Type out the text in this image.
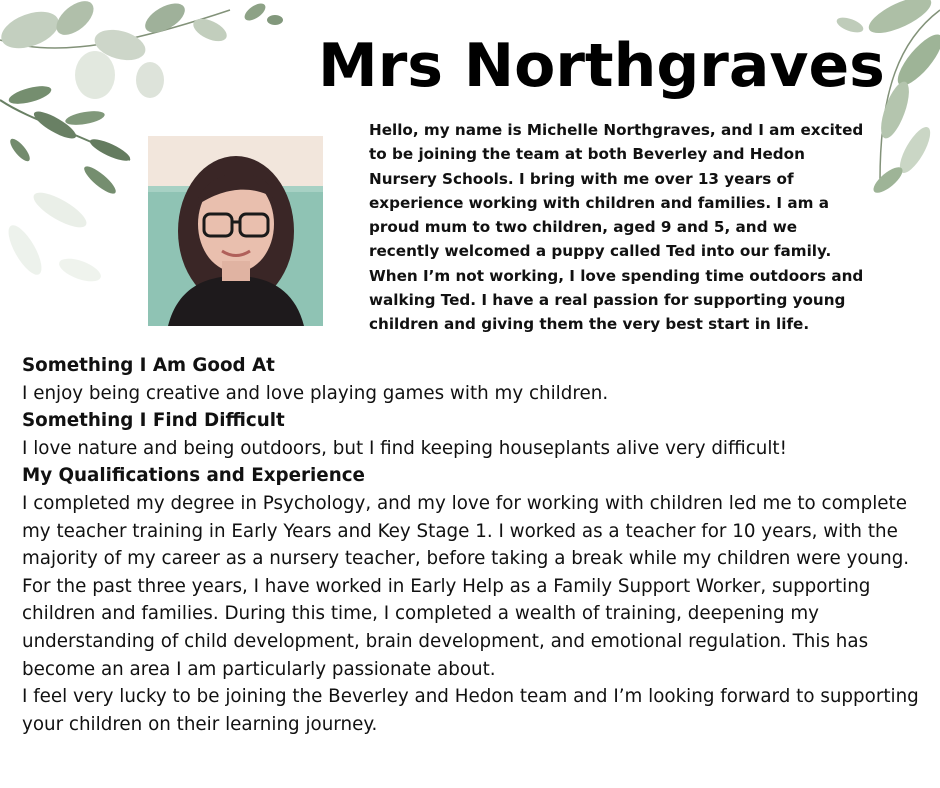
Mrs Northgraves
Hello, my name is Michelle Northgraves, and I am excited to be joining the team at both Beverley and Hedon Nursery Schools. I bring with me over 13 years of experience working with children and families. I am a proud mum to two children, aged 9 and 5, and we recently welcomed a puppy called Ted into our family. When I’m not working, I love spending time outdoors and walking Ted. I have a real passion for supporting young children and giving them the very best start in life.
Something I Am Good At

I enjoy being creative and love playing games with my children.

Something I Find Difficult

I love nature and being outdoors, but I find keeping houseplants alive very difficult!

My Qualifications and Experience

I completed my degree in Psychology, and my love for working with children led me to complete my teacher training in Early Years and Key Stage 1. I worked as a teacher for 10 years, with the majority of my career as a nursery teacher, before taking a break while my children were young.

For the past three years, I have worked in Early Help as a Family Support Worker, supporting children and families. During this time, I completed a wealth of training, deepening my understanding of child development, brain development, and emotional regulation. This has become an area I am particularly passionate about.

I feel very lucky to be joining the Beverley and Hedon team and I’m looking forward to supporting your children on their learning journey.
